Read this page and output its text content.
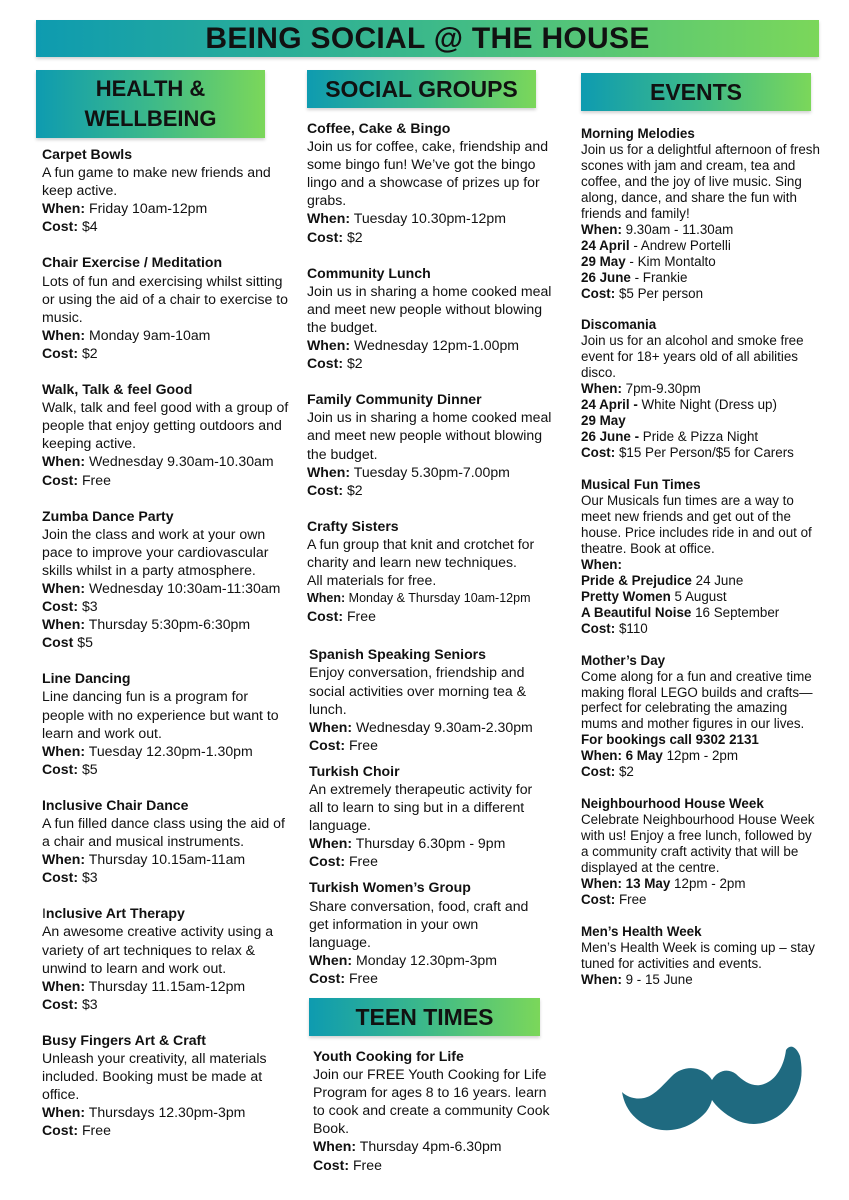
BEING SOCIAL @ THE HOUSE
HEALTH &
WELLBEING
SOCIAL GROUPS	EVENTS
TEEN TIMES
Carpet Bowls
A fun game to make new friends and keep active.
When: Friday 10am-12pm
Cost: $4
Chair Exercise / Meditation
Lots of fun and exercising whilst sitting or using the aid of a chair to exercise to music.
When: Monday 9am-10am
Cost: $2
Walk, Talk & feel Good
Walk, talk and feel good with a group of people that enjoy getting outdoors and keeping active.
When: Wednesday 9.30am-10.30am
Cost: Free
Zumba Dance Party
Join the class and work at your own pace to improve your cardiovascular skills whilst in a party atmosphere.
When: Wednesday 10:30am-11:30am
Cost: $3
When: Thursday 5:30pm-6:30pm
Cost $5
Line Dancing
Line dancing fun is a program for people with no experience but want to learn and work out.
When: Tuesday 12.30pm-1.30pm
Cost: $5
Inclusive Chair Dance
A fun filled dance class using the aid of a chair and musical instruments.
When: Thursday 10.15am-11am
Cost: $3
Inclusive Art Therapy
An awesome creative activity using a variety of art techniques to relax & unwind to learn and work out.
When: Thursday 11.15am-12pm
Cost: $3
Busy Fingers Art & Craft
Unleash your creativity, all materials included. Booking must be made at office.
When: Thursdays 12.30pm-3pm
Cost: Free
Coffee, Cake & Bingo
Join us for coffee, cake, friendship and some bingo fun! We’ve got the bingo lingo and a showcase of prizes up for grabs.
When: Tuesday 10.30pm-12pm
Cost: $2
Community Lunch
Join us in sharing a home cooked meal and meet new people without blowing the budget.
When: Wednesday 12pm-1.00pm
Cost: $2
Family Community Dinner
Join us in sharing a home cooked meal and meet new people without blowing the budget.
When: Tuesday 5.30pm-7.00pm
Cost: $2
Crafty Sisters
A fun group that knit and crotchet for charity and learn new techniques.
All materials for free.
When: Monday & Thursday 10am-12pm
Cost: Free
Spanish Speaking Seniors
Enjoy conversation, friendship and social activities over morning tea & lunch.
When: Wednesday 9.30am-2.30pm
Cost: Free
Turkish Choir
An extremely therapeutic activity for all to learn to sing but in a different language.
When: Thursday 6.30pm - 9pm
Cost: Free
Turkish Women’s Group
Share conversation, food, craft and get information in your own language.
When: Monday 12.30pm-3pm
Cost: Free
Youth Cooking for Life
Join our FREE Youth Cooking for Life Program for ages 8 to 16 years. learn to cook and create a community Cook Book.
When: Thursday 4pm-6.30pm
Cost: Free
Morning Melodies
Join us for a delightful afternoon of fresh scones with jam and cream, tea and coffee, and the joy of live music. Sing along, dance, and share the fun with friends and family!
When: 9.30am - 11.30am
24 April - Andrew Portelli
29 May - Kim Montalto
26 June - Frankie
Cost: $5 Per person
Discomania
Join us for an alcohol and smoke free event for 18+ years old of all abilities disco.
When: 7pm-9.30pm
24 April - White Night (Dress up)
29 May
26 June - Pride & Pizza Night
Cost: $15 Per Person/$5 for Carers
Musical Fun Times
Our Musicals fun times are a way to meet new friends and get out of the house. Price includes ride in and out of theatre. Book at office.
When:
Pride & Prejudice 24 June
Pretty Women 5 August
A Beautiful Noise 16 September
Cost: $110
Mother’s Day
Come along for a fun and creative time making floral LEGO builds and crafts—perfect for celebrating the amazing mums and mother figures in our lives.
For bookings call 9302 2131
When: 6 May 12pm - 2pm
Cost: $2
Neighbourhood House Week
Celebrate Neighbourhood House Week with us! Enjoy a free lunch, followed by a community craft activity that will be displayed at the centre.
When: 13 May 12pm - 2pm
Cost: Free
Men’s Health Week
Men’s Health Week is coming up – stay tuned for activities and events.
When: 9 - 15 June
